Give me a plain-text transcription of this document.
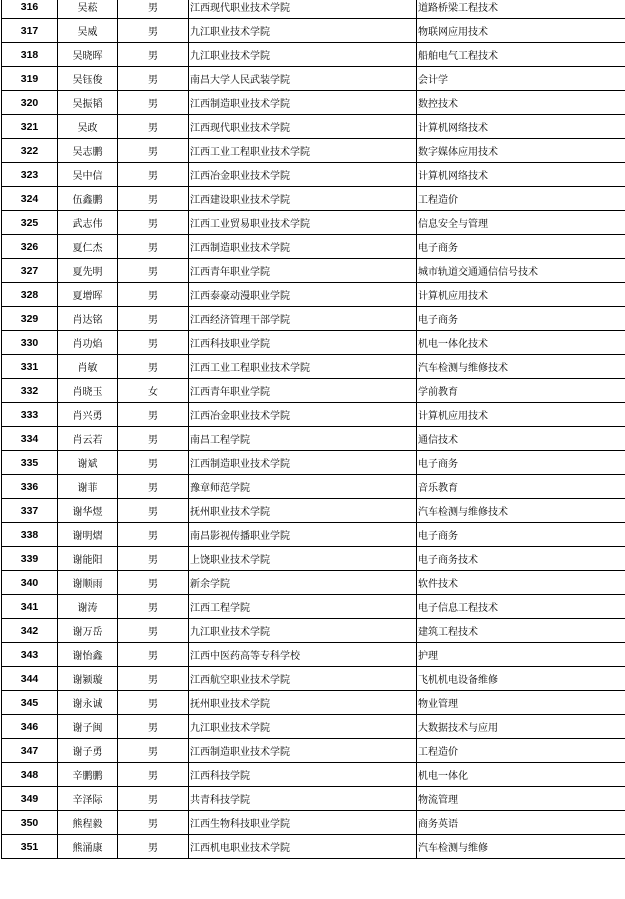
316	吴菘	男	江西现代职业技术学院	道路桥梁工程技术
317	吴威	男	九江职业技术学院	物联网应用技术
318	吴晓晖	男	九江职业技术学院	船舶电气工程技术
319	吴钰俊	男	南昌大学人民武装学院	会计学
320	吴振韬	男	江西制造职业技术学院	数控技术
321	吴政	男	江西现代职业技术学院	计算机网络技术
322	吴志鹏	男	江西工业工程职业技术学院	数字媒体应用技术
323	吴中信	男	江西冶金职业技术学院	计算机网络技术
324	伍鑫鹏	男	江西建设职业技术学院	工程造价
325	武志伟	男	江西工业贸易职业技术学院	信息安全与管理
326	夏仁杰	男	江西制造职业技术学院	电子商务
327	夏先明	男	江西青年职业学院	城市轨道交通通信信号技术
328	夏增晖	男	江西泰豪动漫职业学院	计算机应用技术
329	肖达铭	男	江西经济管理干部学院	电子商务
330	肖功焰	男	江西科技职业学院	机电一体化技术
331	肖敏	男	江西工业工程职业技术学院	汽车检测与维修技术
332	肖晓玉	女	江西青年职业学院	学前教育
333	肖兴勇	男	江西冶金职业技术学院	计算机应用技术
334	肖云若	男	南昌工程学院	通信技术
335	谢斌	男	江西制造职业技术学院	电子商务
336	谢菲	男	豫章师范学院	音乐教育
337	谢华煜	男	抚州职业技术学院	汽车检测与维修技术
338	谢明熠	男	南昌影视传播职业学院	电子商务
339	谢能阳	男	上饶职业技术学院	电子商务技术
340	谢顺雨	男	新余学院	软件技术
341	谢涛	男	江西工程学院	电子信息工程技术
342	谢万岳	男	九江职业技术学院	建筑工程技术
343	谢怡鑫	男	江西中医药高等专科学校	护理
344	谢颍璇	男	江西航空职业技术学院	飞机机电设备维修
345	谢永诚	男	抚州职业技术学院	物业管理
346	谢子闽	男	九江职业技术学院	大数据技术与应用
347	谢子勇	男	江西制造职业技术学院	工程造价
348	辛鹏鹏	男	江西科技学院	机电一体化
349	辛泽际	男	共青科技学院	物流管理
350	熊程毅	男	江西生物科技职业学院	商务英语
351	熊涌康	男	江西机电职业技术学院	汽车检测与维修
